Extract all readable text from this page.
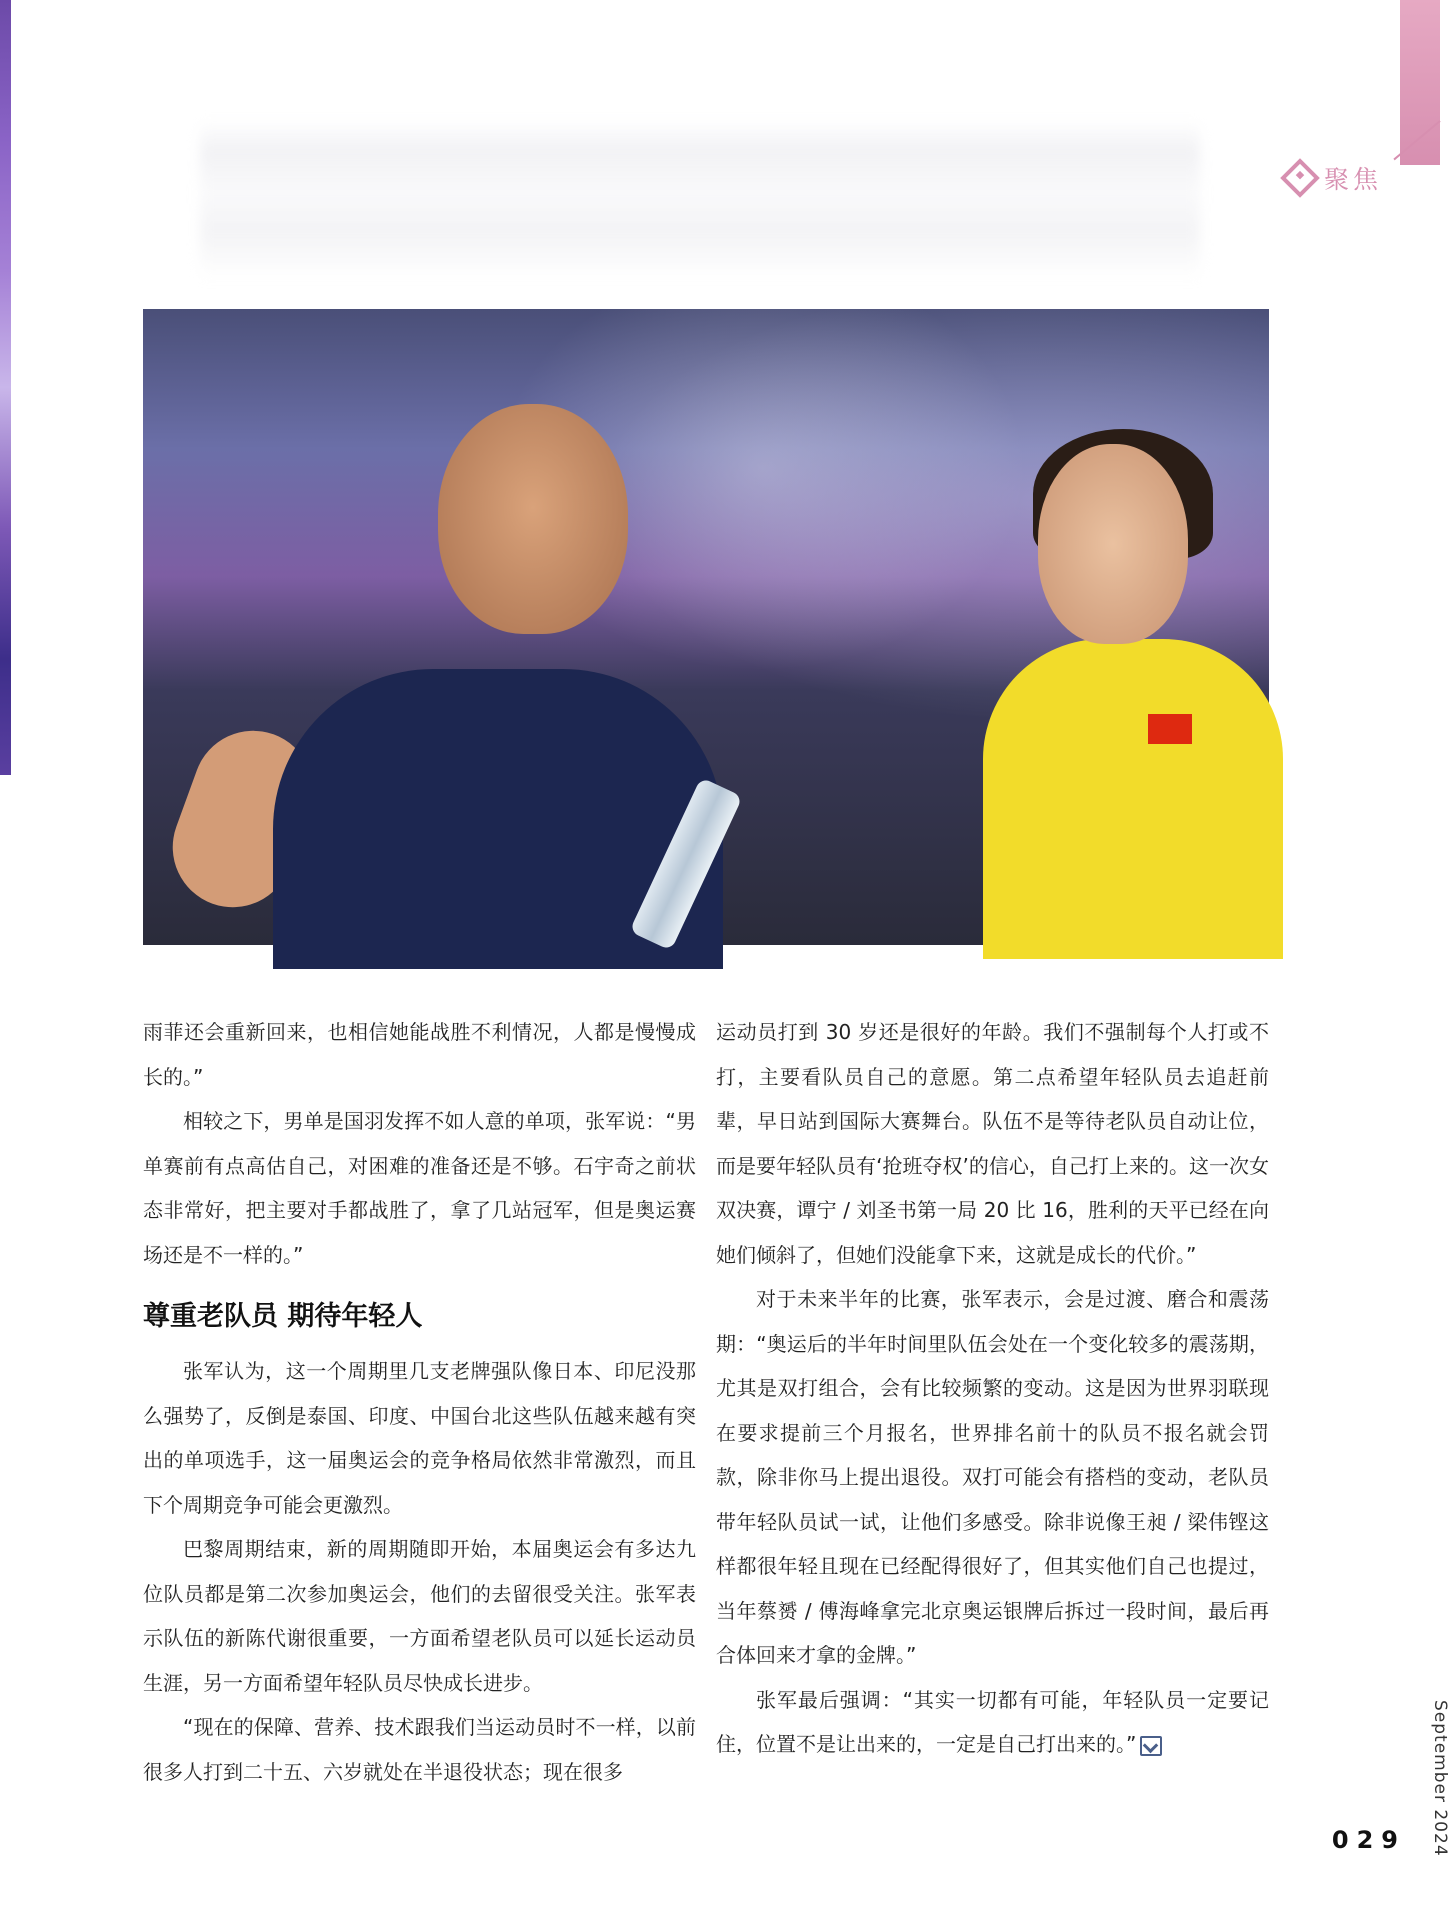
聚焦

雨菲还会重新回来，也相信她能战胜不利情况，人都是慢慢成长的。”

相较之下，男单是国羽发挥不如人意的单项，张军说：“男单赛前有点高估自己，对困难的准备还是不够。石宇奇之前状态非常好，把主要对手都战胜了，拿了几站冠军，但是奥运赛场还是不一样的。”

尊重老队员 期待年轻人

张军认为，这一个周期里几支老牌强队像日本、印尼没那么强势了，反倒是泰国、印度、中国台北这些队伍越来越有突出的单项选手，这一届奥运会的竞争格局依然非常激烈，而且下个周期竞争可能会更激烈。

巴黎周期结束，新的周期随即开始，本届奥运会有多达九位队员都是第二次参加奥运会，他们的去留很受关注。张军表示队伍的新陈代谢很重要，一方面希望老队员可以延长运动员生涯，另一方面希望年轻队员尽快成长进步。

“现在的保障、营养、技术跟我们当运动员时不一样，以前很多人打到二十五、六岁就处在半退役状态；现在很多

运动员打到 30 岁还是很好的年龄。我们不强制每个人打或不打，主要看队员自己的意愿。第二点希望年轻队员去追赶前辈，早日站到国际大赛舞台。队伍不是等待老队员自动让位，而是要年轻队员有‘抢班夺权’的信心，自己打上来的。这一次女双决赛，谭宁 / 刘圣书第一局 20 比 16，胜利的天平已经在向她们倾斜了，但她们没能拿下来，这就是成长的代价。”

对于未来半年的比赛，张军表示，会是过渡、磨合和震荡期：“奥运后的半年时间里队伍会处在一个变化较多的震荡期，尤其是双打组合，会有比较频繁的变动。这是因为世界羽联现在要求提前三个月报名，世界排名前十的队员不报名就会罚款，除非你马上提出退役。双打可能会有搭档的变动，老队员带年轻队员试一试，让他们多感受。除非说像王昶 / 梁伟铿这样都很年轻且现在已经配得很好了，但其实他们自己也提过，当年蔡赟 / 傅海峰拿完北京奥运银牌后拆过一段时间，最后再合体回来才拿的金牌。”

张军最后强调：“其实一切都有可能，年轻队员一定要记住，位置不是让出来的，一定是自己打出来的。”	September 2024
029
